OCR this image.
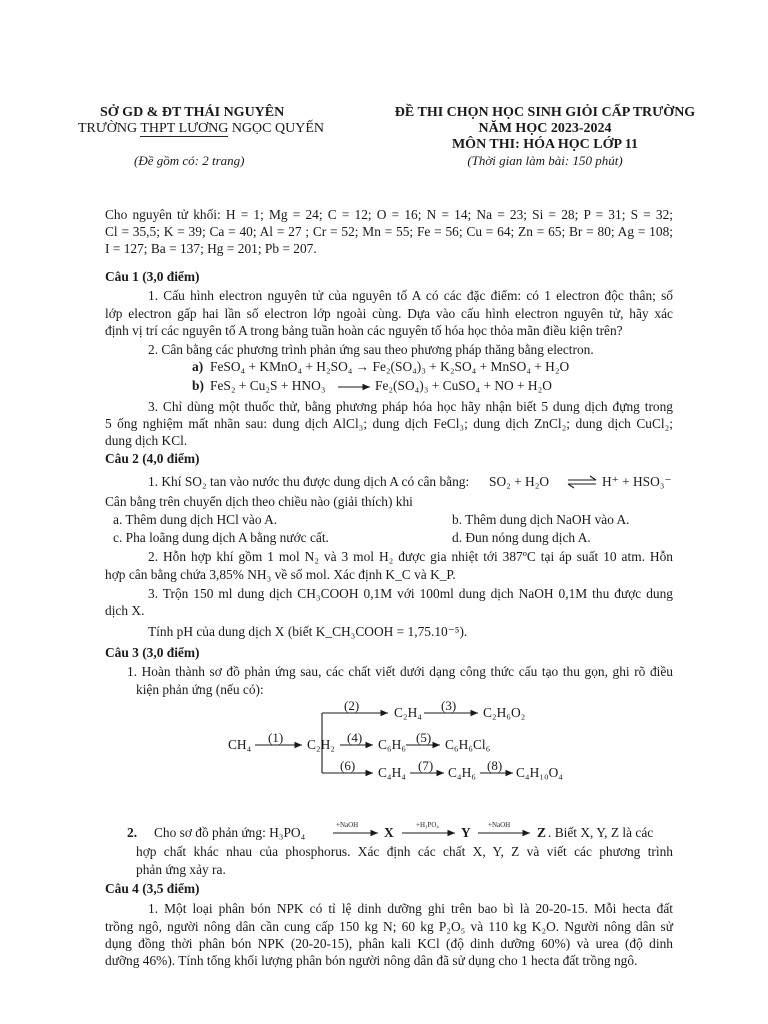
SỞ GD & ĐT THÁI NGUYÊN
TRƯỜNG THPT LƯƠNG NGỌC QUYẾN
(Đề gồm có: 2 trang)
ĐỀ THI CHỌN HỌC SINH GIỎI CẤP TRƯỜNG
NĂM HỌC 2023-2024
MÔN THI: HÓA HỌC LỚP 11
(Thời gian làm bài: 150 phút)
Cho nguyên tử khối: H = 1; Mg = 24; C = 12; O = 16; N = 14; Na = 23; Si = 28; P = 31; S = 32;
Cl = 35,5; K = 39; Ca = 40; Al = 27 ; Cr = 52; Mn = 55; Fe = 56; Cu = 64; Zn = 65; Br = 80; Ag = 108;
I = 127; Ba = 137; Hg = 201; Pb = 207.
Câu 1 (3,0 điểm)
1. Cấu hình electron nguyên tử của nguyên tố A có các đặc điểm: có 1 electron độc thân; số
lớp electron gấp hai lần số electron lớp ngoài cùng. Dựa vào cấu hình electron nguyên tử, hãy xác
định vị trí các nguyên tố A trong bảng tuần hoàn các nguyên tố hóa học thỏa mãn điều kiện trên?
2. Cân bằng các phương trình phản ứng sau theo phương pháp thăng bằng electron.
a) FeSO₄ + KMnO₄ + H₂SO₄ → Fe₂(SO₄)₃ + K₂SO₄ + MnSO₄ + H₂O
b) FeS₂ + Cu₂S + HNO₃	Fe₂(SO₄)₃ + CuSO₄ + NO + H₂O
3. Chỉ dùng một thuốc thử, bằng phương pháp hóa học hãy nhận biết 5 dung dịch đựng trong
5 ống nghiệm mất nhãn sau: dung dịch AlCl₃; dung dịch FeCl₃; dung dịch ZnCl₂; dung dịch CuCl₂;
dung dịch KCl.
Câu 2 (4,0 điểm)
1. Khí SO₂ tan vào nước thu được dung dịch A có cân bằng: SO₂ + H₂O	H⁺ + HSO₃⁻
Cân bằng trên chuyển dịch theo chiều nào (giải thích) khi
a. Thêm dung dịch HCl vào A.	b. Thêm dung dịch NaOH vào A.
c. Pha loãng dung dịch A bằng nước cất.	d. Đun nóng dung dịch A.
2. Hỗn hợp khí gồm 1 mol N₂ và 3 mol H₂ được gia nhiệt tới 387ºC tại áp suất 10 atm. Hỗn
hợp cân bằng chứa 3,85% NH₃ về số mol. Xác định K_C và K_P.
3. Trộn 150 ml dung dịch CH₃COOH 0,1M với 100ml dung dịch NaOH 0,1M thu được dung
dịch X.
Tính pH của dung dịch X (biết K_CH₃COOH = 1,75.10⁻⁵).
Câu 3 (3,0 điểm)
1. Hoàn thành sơ đồ phản ứng sau, các chất viết dưới dạng công thức cấu tạo thu gọn, ghi rõ điều
kiện phản ứng (nếu có):
CH₄	C₂H₂
C₂H₄	C₂H₆O₂
C₆H₆	C₆H₆Cl₆
C₄H₄	C₄H₆	C₄H₁₀O₄
(1)
(2)	(3)
(4)	(5)
(6)	(7)	(8)
2. Cho sơ đồ phản ứng: H₃PO₄	+NaOH X	+H₃PO₄ Y +NaOH Z . Biết X, Y, Z là các
hợp chất khác nhau của phosphorus. Xác định các chất X, Y, Z và viết các phương trình
phản ứng xảy ra.
Câu 4 (3,5 điểm)
1. Một loại phân bón NPK có tỉ lệ dinh dưỡng ghi trên bao bì là 20-20-15. Mỗi hecta đất
trồng ngô, người nông dân cần cung cấp 150 kg N; 60 kg P₂O₅ và 110 kg K₂O. Người nông dân sử
dụng đồng thời phân bón NPK (20-20-15), phân kali KCl (độ dinh dưỡng 60%) và urea (độ dinh
dưỡng 46%). Tính tổng khối lượng phân bón người nông dân đã sử dụng cho 1 hecta đất trồng ngô.
